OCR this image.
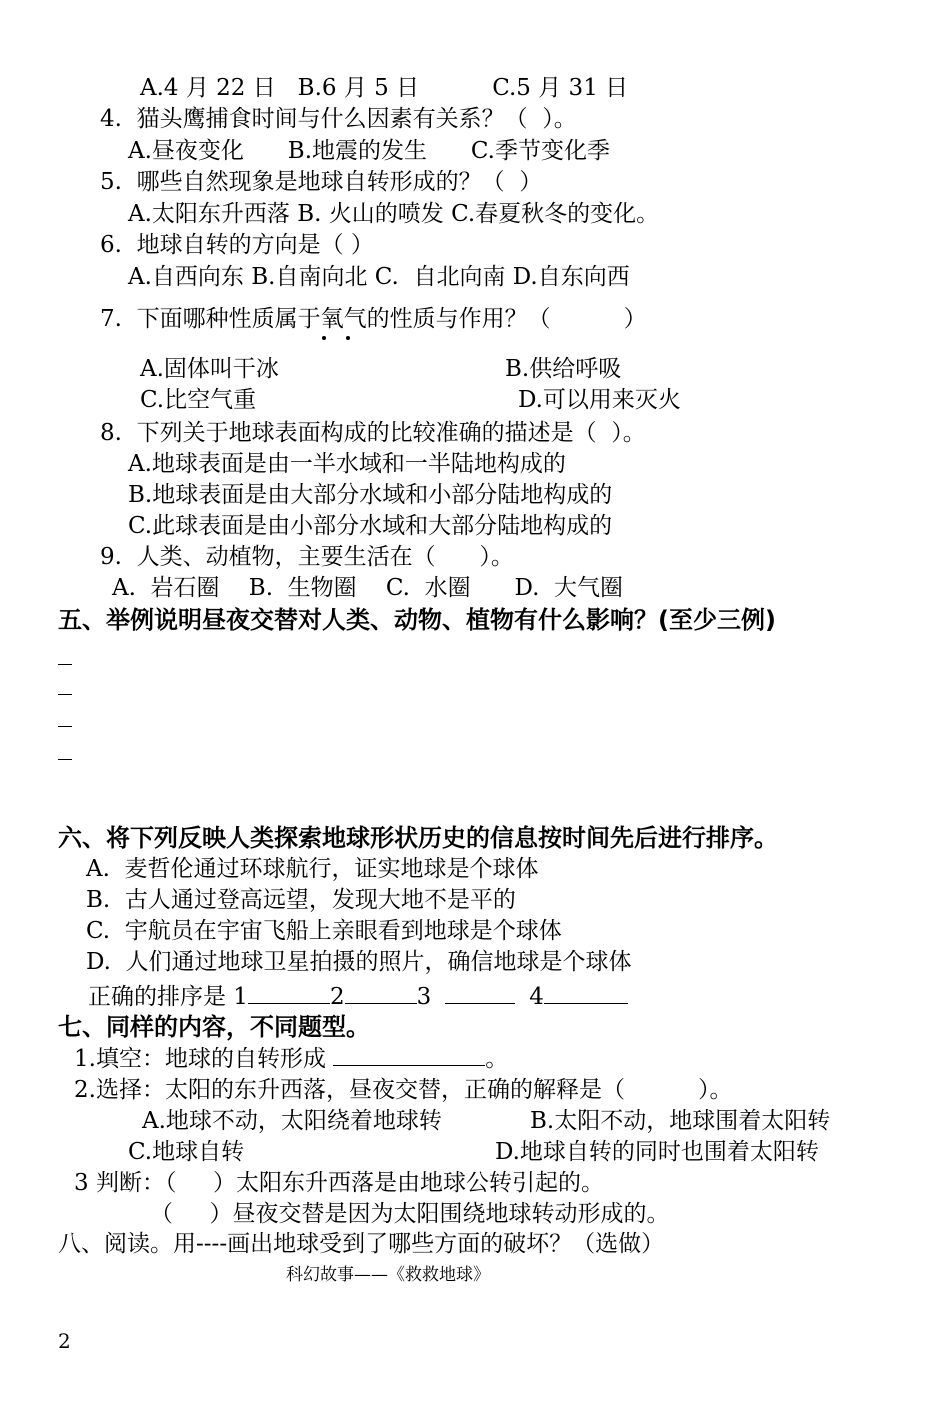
A.4 月 22 日   B.6 月 5 日          C.5 月 31 日
4.  猫头鹰捕食时间与什么因素有关系？（  ）。
A.昼夜变化      B.地震的发生      C.季节变化季
5.  哪些自然现象是地球自转形成的？（  ）
A.太阳东升西落 B. 火山的喷发 C.春夏秋冬的变化。
6.  地球自转的方向是（ ）
A.自西向东 B.自南向北 C.  自北向南 D.自东向西
7.  下面哪种性质属于氧气的性质与作用？（          ）
A.固体叫干冰	B.供给呼吸
C.比空气重	D.可以用来灭火
8.  下列关于地球表面构成的比较准确的描述是（  ）。
A.地球表面是由一半水域和一半陆地构成的
B.地球表面是由大部分水域和小部分陆地构成的
C.此球表面是由小部分水域和大部分陆地构成的
9.  人类、动植物，主要生活在（      ）。
A.  岩石圈    B.  生物圈    C.  水圈      D.  大气圈
五、举例说明昼夜交替对人类、动物、植物有什么影响？(至少三例)
六、将下列反映人类探索地球形状历史的信息按时间先后进行排序。
A.  麦哲伦通过环球航行，证实地球是个球体
B.  古人通过登高远望，发现大地不是平的
C.  宇航员在宇宙飞船上亲眼看到地球是个球体
D.  人们通过地球卫星拍摄的照片，确信地球是个球体
正确的排序是 1	2	3	4
七、同样的内容，不同题型。
1.填空：地球的自转形成	。
2.选择：太阳的东升西落，昼夜交替，正确的解释是（          ）。
A.地球不动，太阳绕着地球转	B.太阳不动，地球围着太阳转
C.地球自转	D.地球自转的同时也围着太阳转
3 判断：（     ）太阳东升西落是由地球公转引起的。
（     ）昼夜交替是因为太阳围绕地球转动形成的。
八、阅读。用----画出地球受到了哪些方面的破坏？（选做）
科幻故事——《救救地球》
2
